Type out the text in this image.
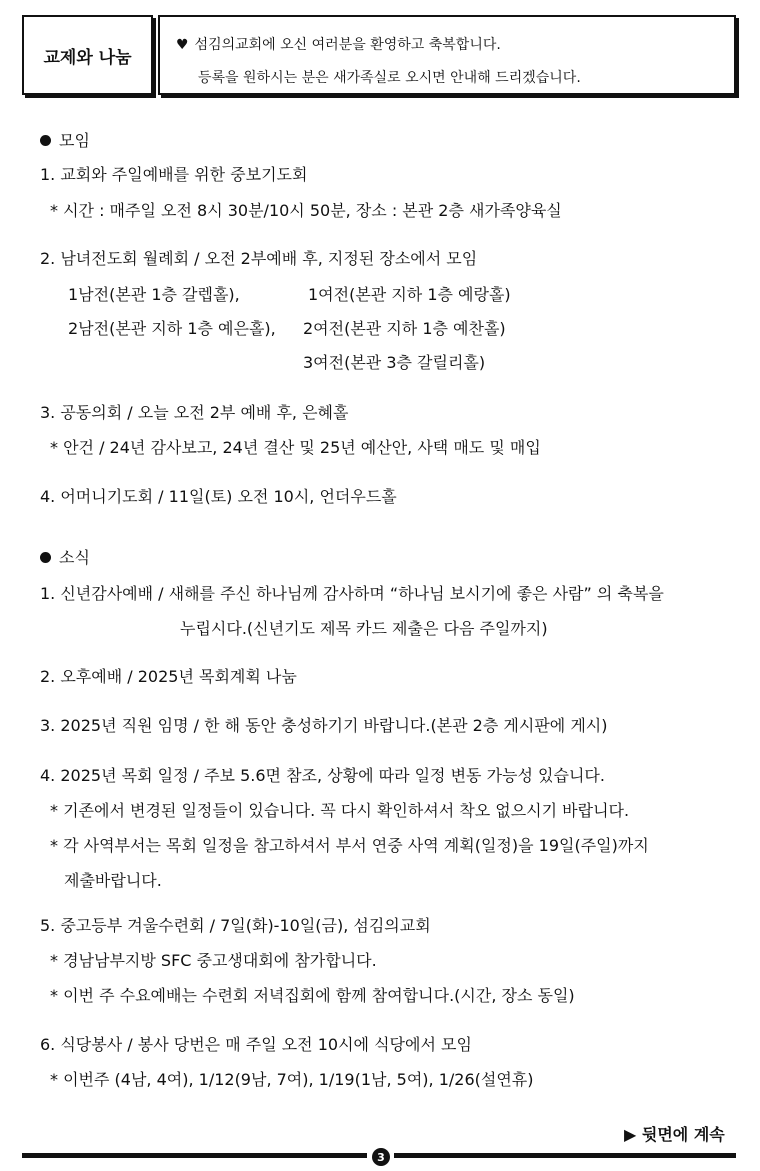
교제와 나눔
♥ 섬김의교회에 오신 여러분을 환영하고 축복합니다.
등록을 원하시는 분은 새가족실로 오시면 안내해 드리겠습니다.
모임
1. 교회와 주일예배를 위한 중보기도회
* 시간 : 매주일 오전 8시 30분/10시 50분, 장소 : 본관 2층 새가족양육실
2. 남녀전도회 월례회 / 오전 2부예배 후, 지정된 장소에서 모임
1남전(본관 1층 갈렙홀),	1여전(본관 지하 1층 예랑홀)
2남전(본관 지하 1층 예은홀), 2여전(본관 지하 1층 예찬홀)
3여전(본관 3층 갈릴리홀)
3. 공동의회 / 오늘 오전 2부 예배 후, 은혜홀
* 안건 / 24년 감사보고, 24년 결산 및 25년 예산안, 사택 매도 및 매입
4. 어머니기도회 / 11일(토) 오전 10시, 언더우드홀
소식
1. 신년감사예배 / 새해를 주신 하나님께 감사하며 “하나님 보시기에 좋은 사람” 의 축복을
누립시다.(신년기도 제목 카드 제출은 다음 주일까지)
2. 오후예배 / 2025년 목회계획 나눔
3. 2025년 직원 임명 / 한 해 동안 충성하기기 바랍니다.(본관 2층 게시판에 게시)
4. 2025년 목회 일정 / 주보 5.6면 참조, 상황에 따라 일정 변동 가능성 있습니다.
* 기존에서 변경된 일정들이 있습니다. 꼭 다시 확인하셔서 착오 없으시기 바랍니다.
* 각 사역부서는 목회 일정을 참고하셔서 부서 연중 사역 계획(일정)을 19일(주일)까지
제출바랍니다.
5. 중고등부 겨울수련회 / 7일(화)-10일(금), 섬김의교회
* 경남남부지방 SFC 중고생대회에 참가합니다.
* 이번 주 수요예배는 수련회 저녁집회에 함께 참여합니다.(시간, 장소 동일)
6. 식당봉사 / 봉사 당번은 매 주일 오전 10시에 식당에서 모임
* 이번주 (4남, 4여), 1/12(9남, 7여), 1/19(1남, 5여), 1/26(설연휴)
▶ 뒷면에 계속
3
